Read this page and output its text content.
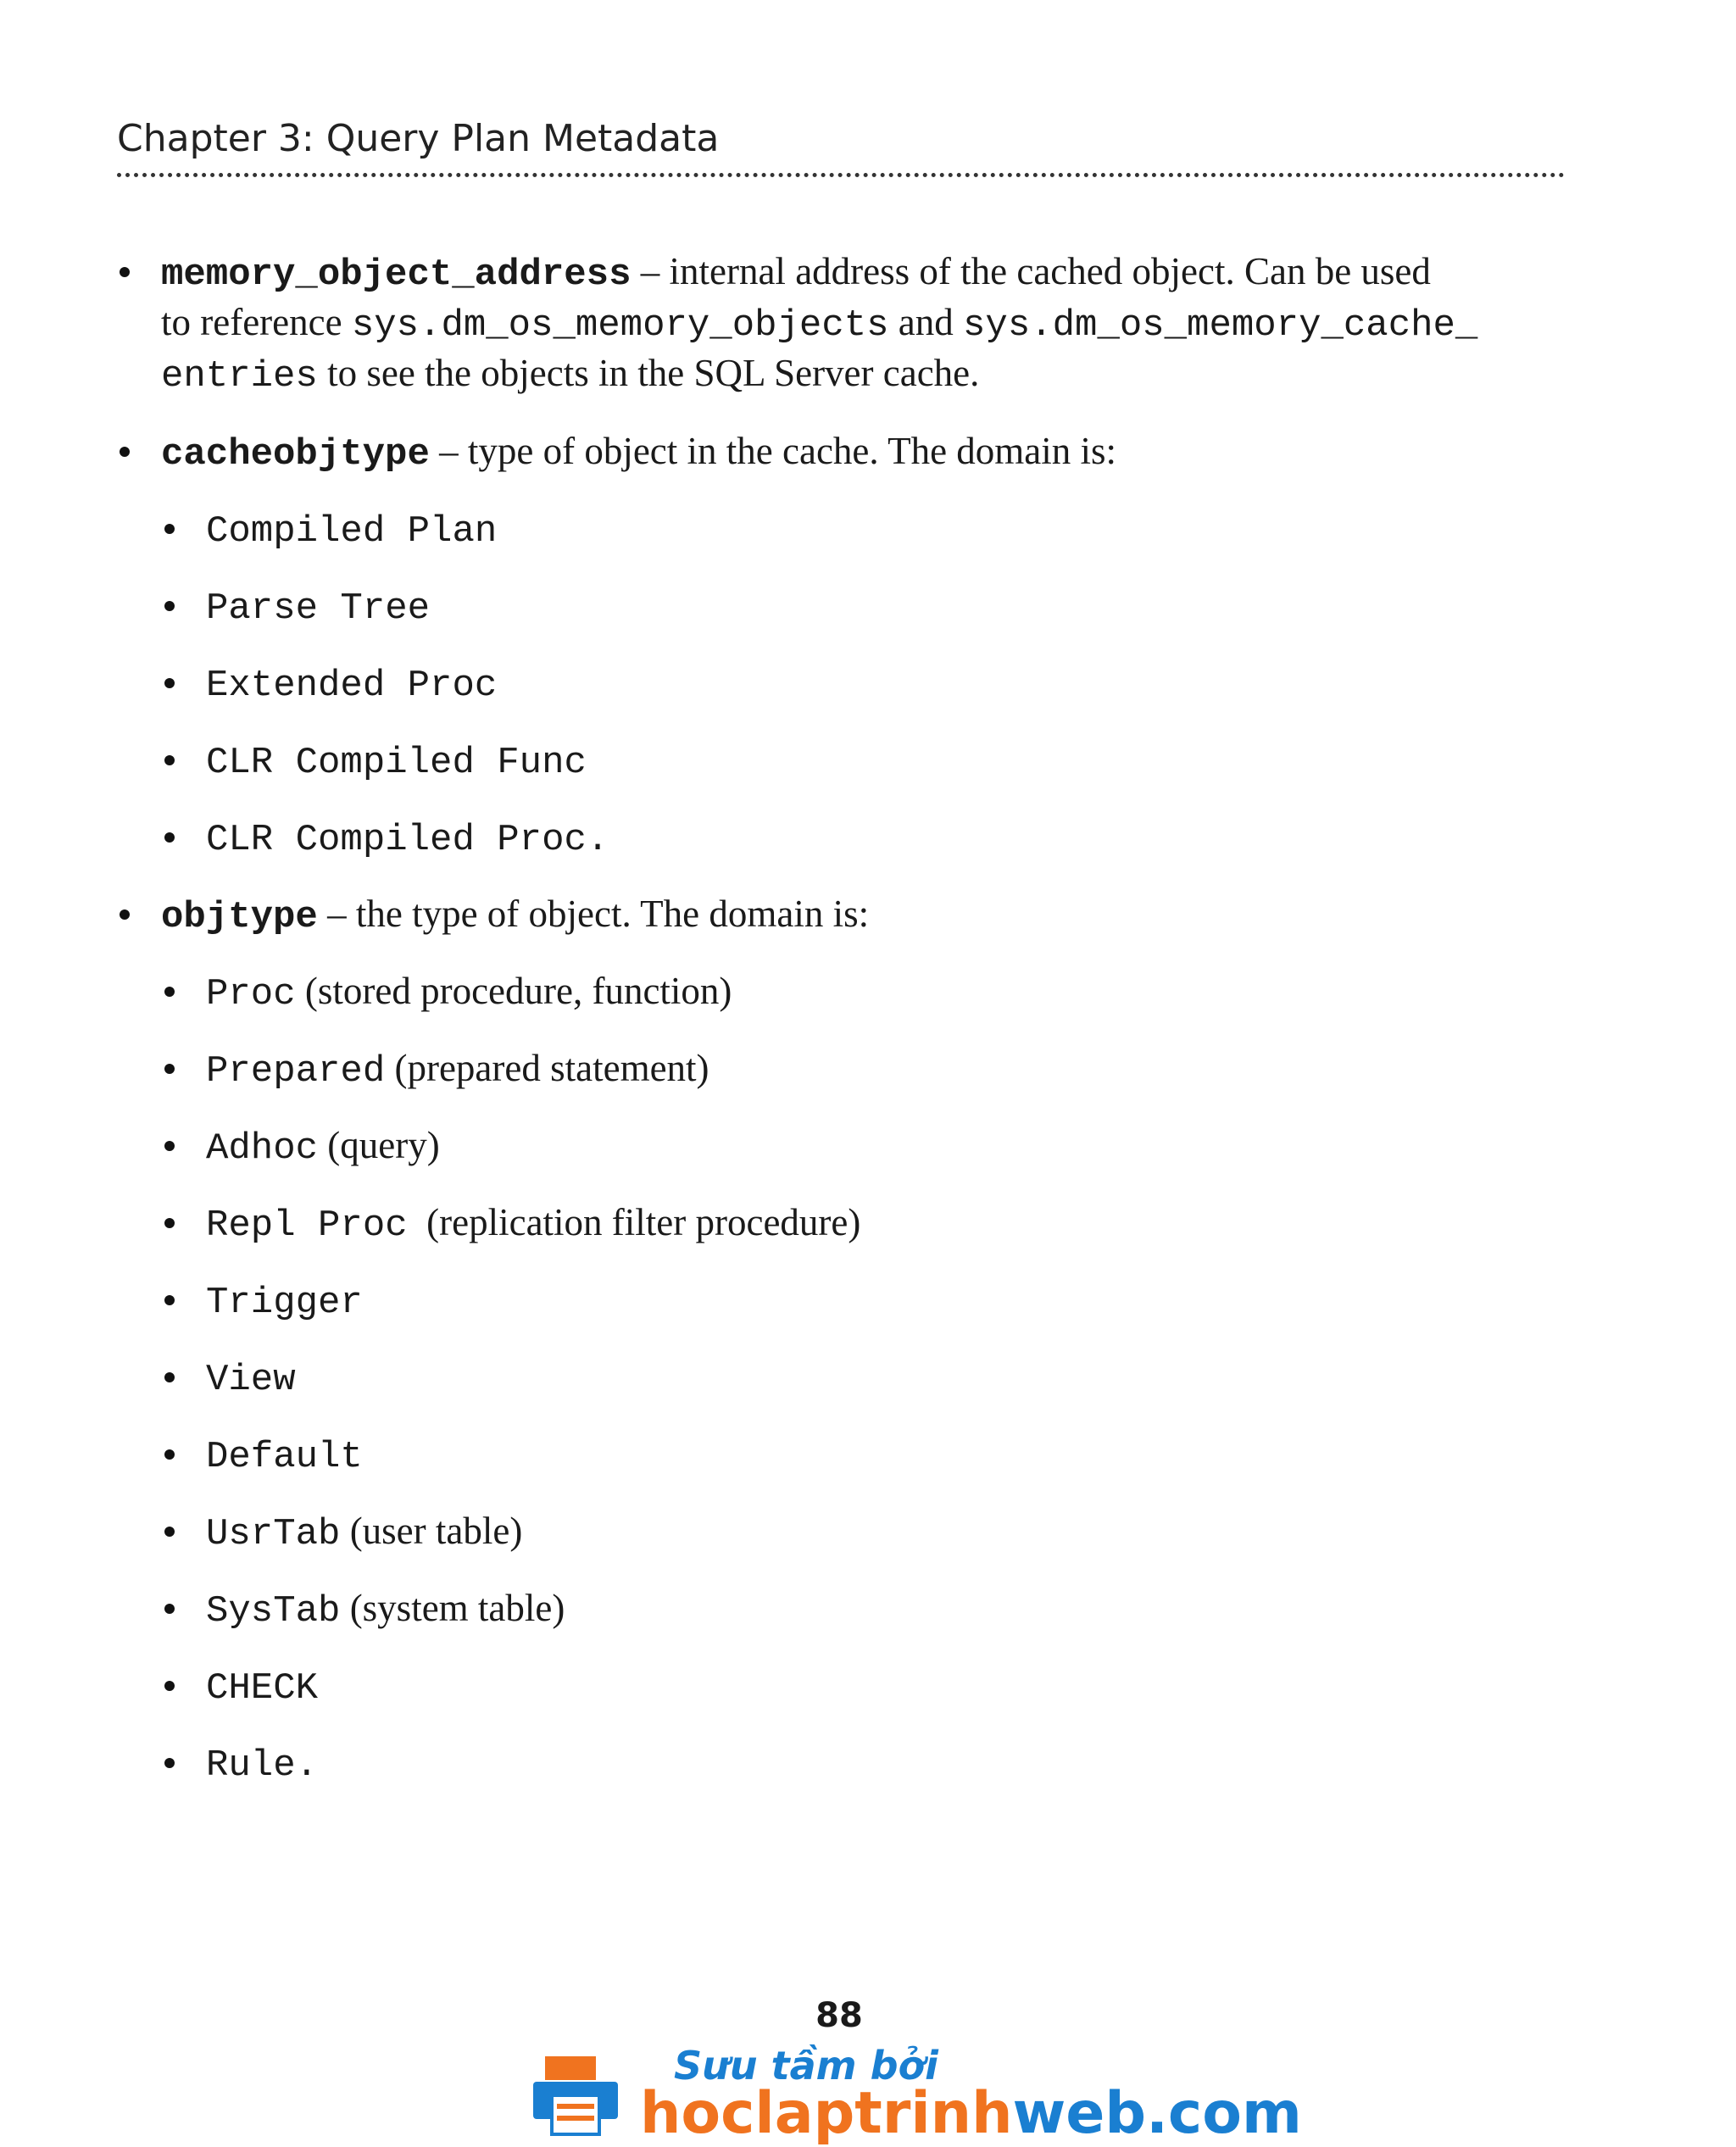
Chapter 3: Query Plan Metadata
memory_object_address – internal address of the cached object. Can be used
to reference sys.dm_os_memory_objects and sys.dm_os_memory_cache_
entries to see the objects in the SQL Server cache.
cacheobjtype – type of object in the cache. The domain is:
Compiled Plan
Parse Tree
Extended Proc
CLR Compiled Func
CLR Compiled Proc.
objtype – the type of object. The domain is:
Proc (stored procedure, function)
Prepared (prepared statement)
Adhoc (query)
Repl Proc  (replication filter procedure)
Trigger
View
Default
UsrTab (user table)
SysTab (system table)
CHECK
Rule.
88
Sưu tầm bởi
hoclaptrinhweb.com
